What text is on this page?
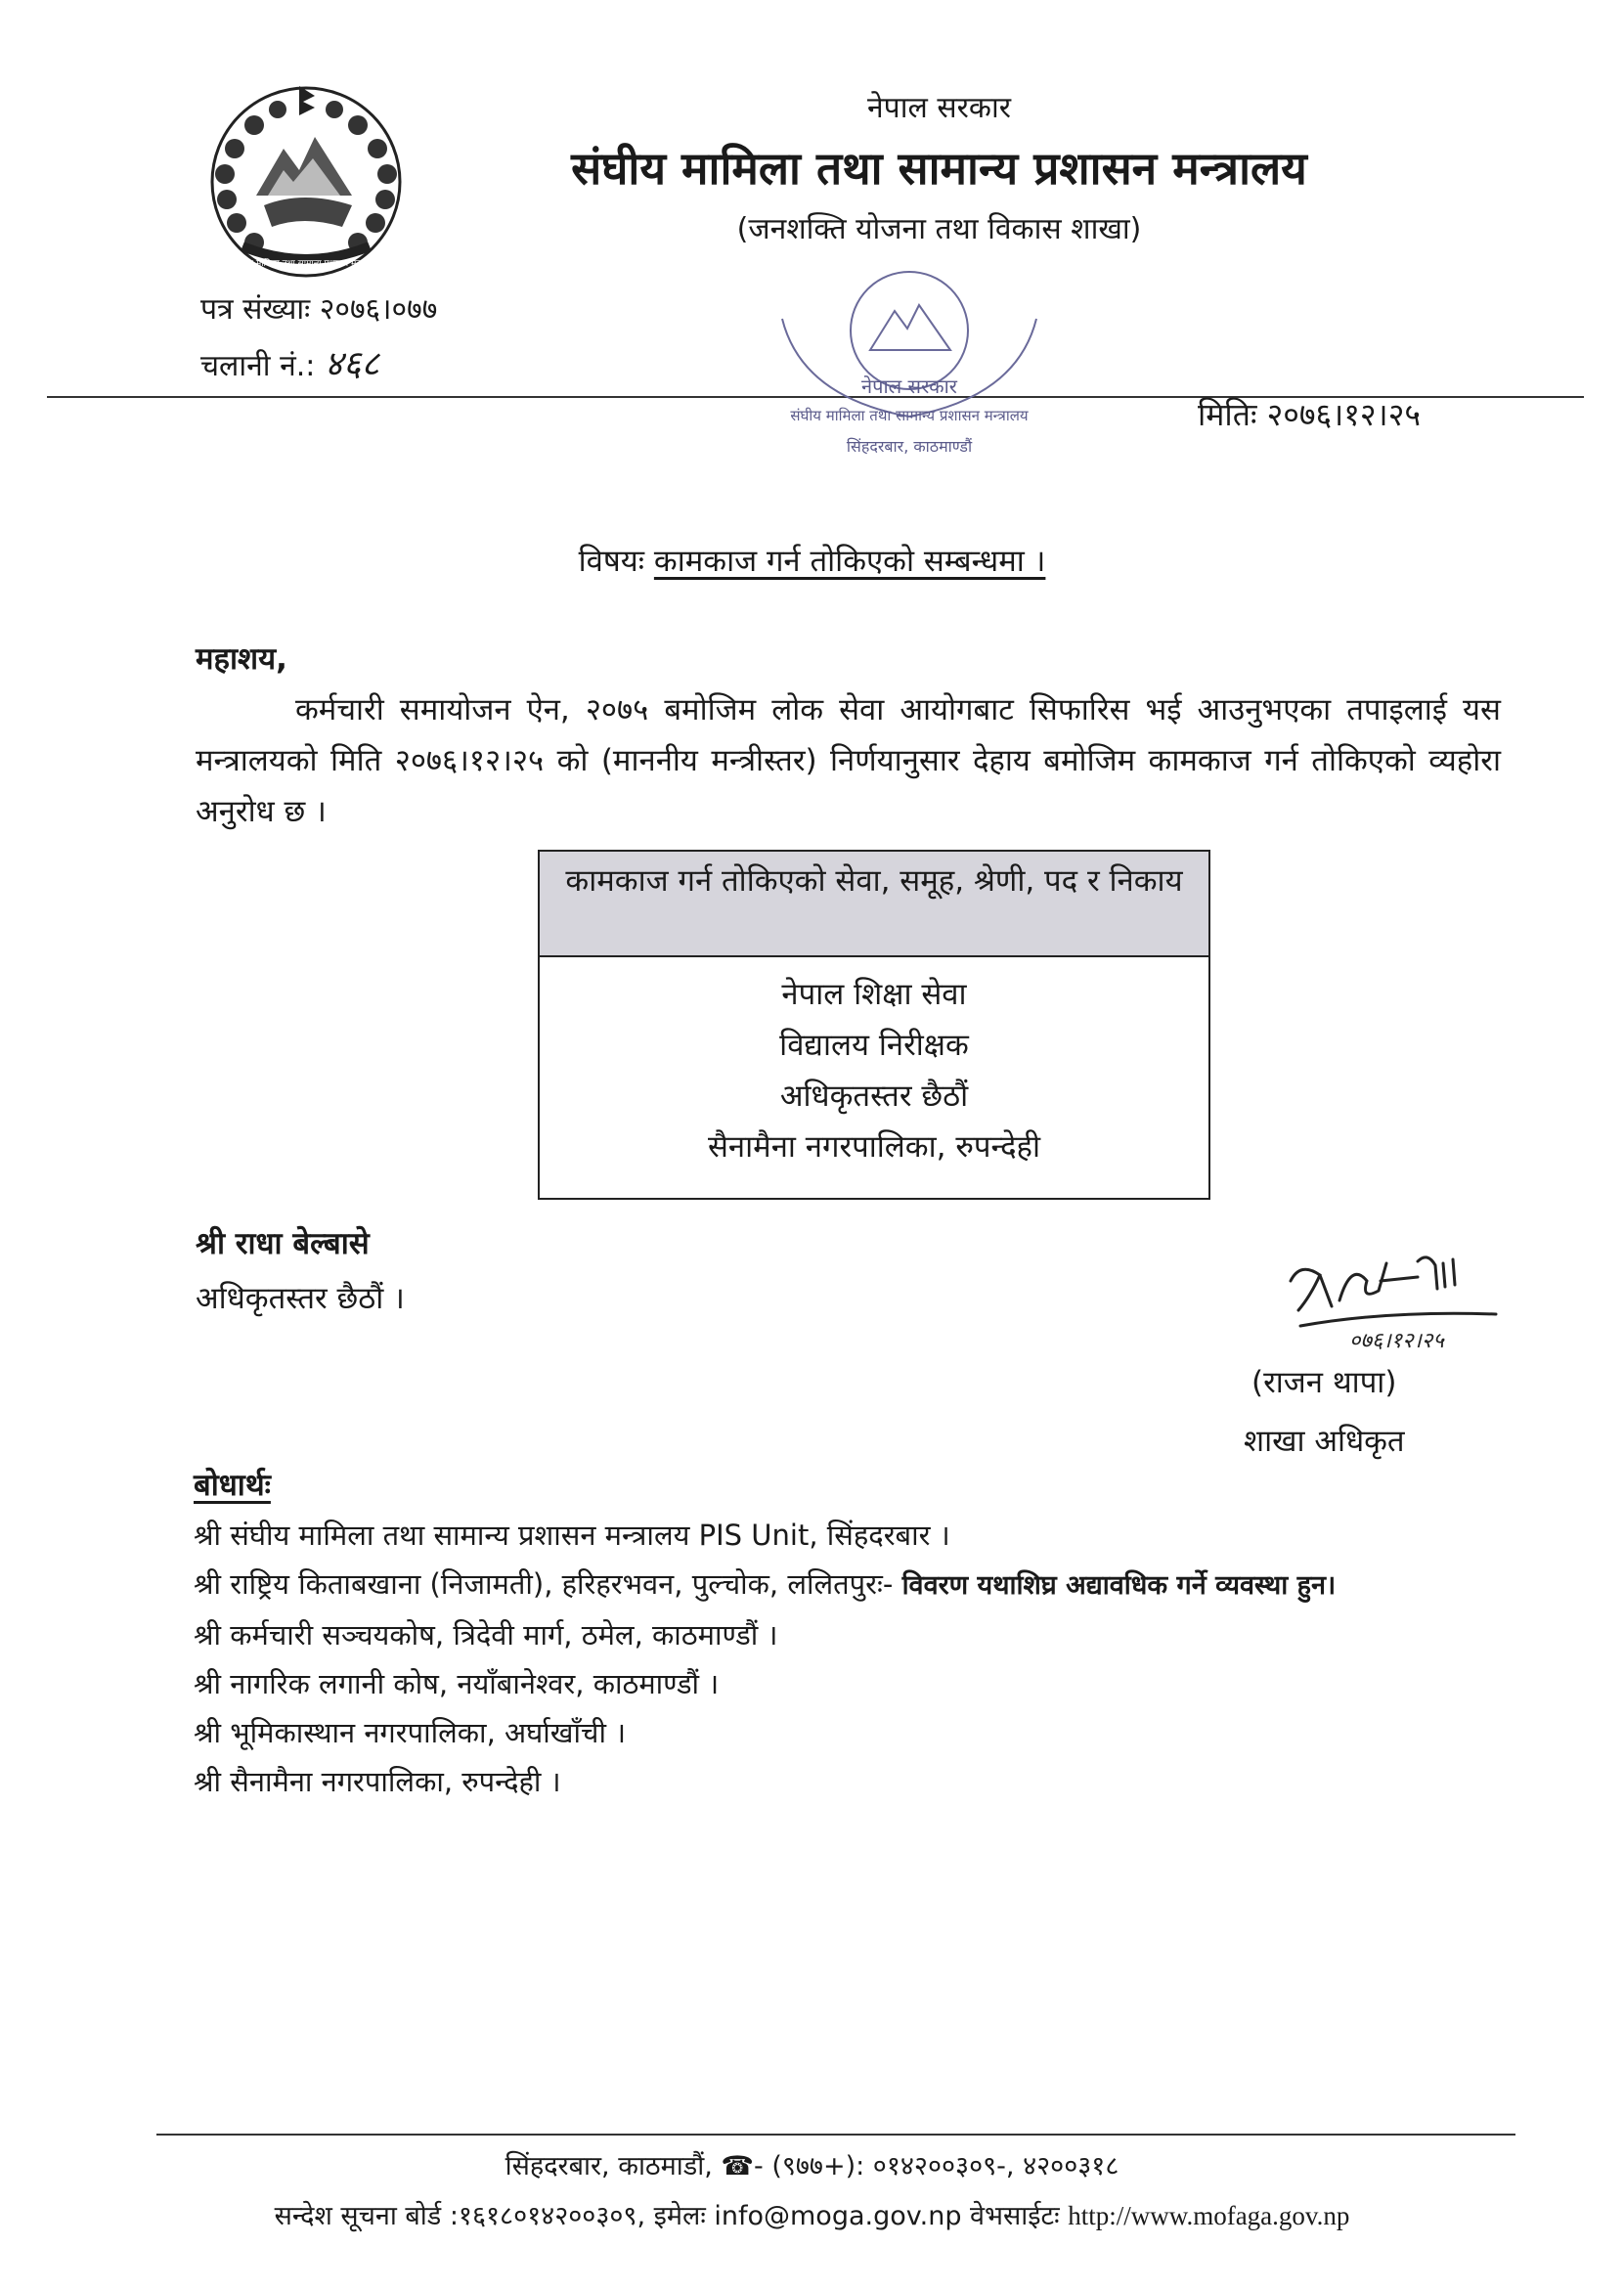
संघीय मामिला तथा सामान्य प्रशासन मन्त्रालय
नेपाल सरकार
संघीय मामिला तथा सामान्य प्रशासन मन्त्रालय
(जनशक्ति योजना तथा विकास शाखा)
पत्र संख्याः २०७६।०७७
चलानी नं.: ४६८
नेपाल सरकार
संघीय मामिला तथा सामान्य प्रशासन मन्त्रालय
सिंहदरबार, काठमाण्डौं
मितिः २०७६।१२।२५
विषयः कामकाज गर्न तोकिएको सम्बन्धमा ।
महाशय,
कर्मचारी समायोजन ऐन, २०७५ बमोजिम लोक सेवा आयोगबाट सिफारिस भई आउनुभएका तपाइलाई यस मन्त्रालयको मिति २०७६।१२।२५ को (माननीय मन्त्रीस्तर) निर्णयानुसार देहाय बमोजिम कामकाज गर्न तोकिएको व्यहोरा अनुरोध छ ।
कामकाज गर्न तोकिएको सेवा, समूह, श्रेणी, पद र निकाय
नेपाल शिक्षा सेवा
विद्यालय निरीक्षक
अधिकृतस्तर छैठौं
सैनामैना नगरपालिका, रुपन्देही
श्री राधा बेल्बासे
अधिकृतस्तर छैठौं ।
०७६।१२।२५
(राजन थापा)
शाखा अधिकृत
बोधार्थः
श्री संघीय मामिला तथा सामान्य प्रशासन मन्त्रालय PIS Unit, सिंहदरबार ।
श्री राष्ट्रिय किताबखाना (निजामती), हरिहरभवन, पुल्चोक, ललितपुरः- विवरण यथाशिघ्र अद्यावधिक गर्ने व्यवस्था हुन।
श्री कर्मचारी सञ्चयकोष, त्रिदेवी मार्ग, ठमेल, काठमाण्डौं ।
श्री नागरिक लगानी कोष, नयाँबानेश्वर, काठमाण्डौं ।
श्री भूमिकास्थान नगरपालिका, अर्घाखाँची ।
श्री सैनामैना नगरपालिका, रुपन्देही ।
सिंहदरबार, काठमाडौं, ☎- (९७७+): ०१४२००३०९-, ४२००३१८
सन्देश सूचना बोर्ड :१६१८०१४२००३०९, इमेलः info@moga.gov.np वेभसाईटः http://www.mofaga.gov.np
